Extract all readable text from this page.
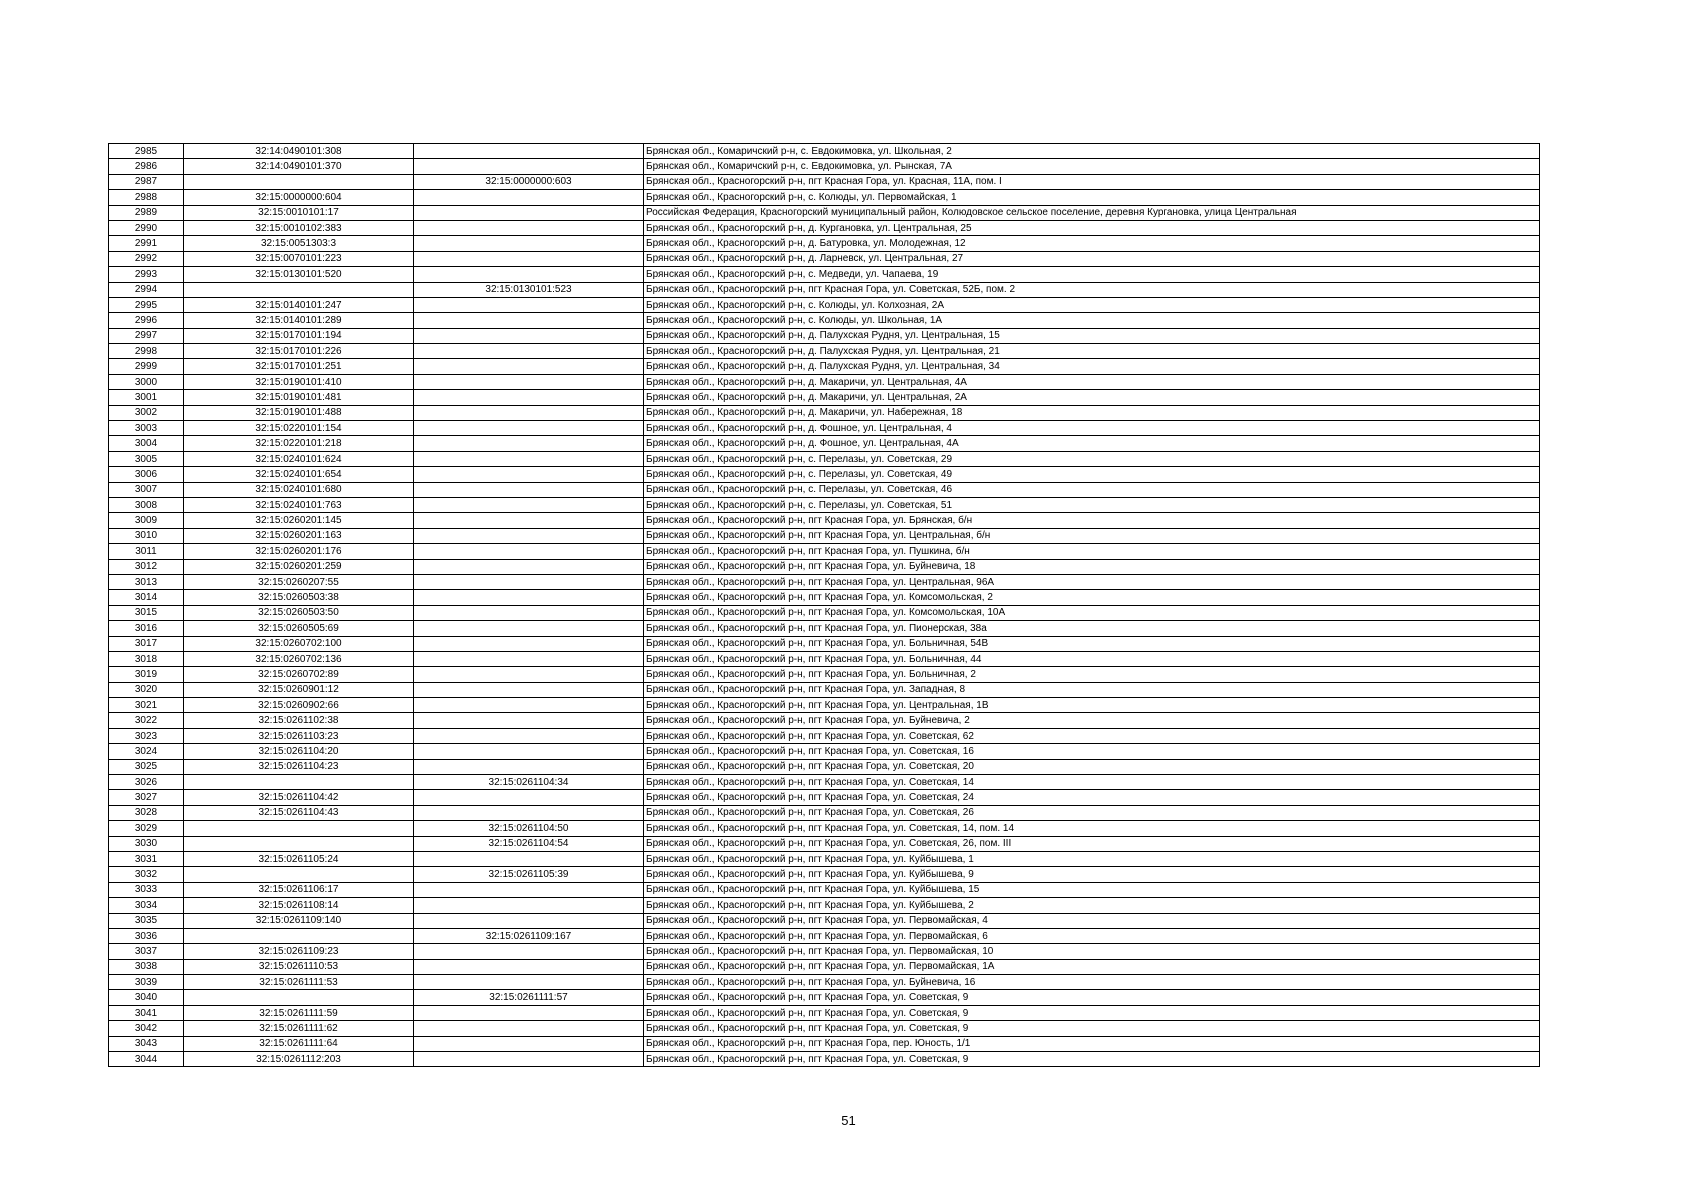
2985	32:14:0490101:308		Брянская обл., Комаричский р-н, с. Евдокимовка, ул. Школьная, 2
2986	32:14:0490101:370		Брянская обл., Комаричский р-н, с. Евдокимовка, ул. Рынская, 7А
2987		32:15:0000000:603	Брянская обл., Красногорский р-н, пгт Красная Гора, ул. Красная, 11А, пом. I
2988	32:15:0000000:604		Брянская обл., Красногорский р-н, с. Колюды, ул. Первомайская, 1
2989	32:15:0010101:17		Российская Федерация, Красногорский муниципальный район, Колюдовское сельское поселение, деревня Кургановка, улица Центральная
2990	32:15:0010102:383		Брянская обл., Красногорский р-н, д. Кургановка, ул. Центральная, 25
2991	32:15:0051303:3		Брянская обл., Красногорский р-н, д. Батуровка, ул. Молодежная, 12
2992	32:15:0070101:223		Брянская обл., Красногорский р-н, д. Ларневск, ул. Центральная, 27
2993	32:15:0130101:520		Брянская обл., Красногорский р-н, с. Медведи, ул. Чапаева, 19
2994		32:15:0130101:523	Брянская обл., Красногорский р-н, пгт Красная Гора, ул. Советская, 52Б, пом. 2
2995	32:15:0140101:247		Брянская обл., Красногорский р-н, с. Колюды, ул. Колхозная, 2А
2996	32:15:0140101:289		Брянская обл., Красногорский р-н, с. Колюды, ул. Школьная, 1А
2997	32:15:0170101:194		Брянская обл., Красногорский р-н, д. Палуxская Рудня, ул. Центральная, 15
2998	32:15:0170101:226		Брянская обл., Красногорский р-н, д. Палуxская Рудня, ул. Центральная, 21
2999	32:15:0170101:251		Брянская обл., Красногорский р-н, д. Палуxская Рудня, ул. Центральная, 34
3000	32:15:0190101:410		Брянская обл., Красногорский р-н, д. Макаричи, ул. Центральная, 4А
3001	32:15:0190101:481		Брянская обл., Красногорский р-н, д. Макаричи, ул. Центральная, 2А
3002	32:15:0190101:488		Брянская обл., Красногорский р-н, д. Макаричи, ул. Набережная, 18
3003	32:15:0220101:154		Брянская обл., Красногорский р-н, д. Фошное, ул. Центральная, 4
3004	32:15:0220101:218		Брянская обл., Красногорский р-н, д. Фошное, ул. Центральная, 4А
3005	32:15:0240101:624		Брянская обл., Красногорский р-н, с. Перелазы, ул. Советская, 29
3006	32:15:0240101:654		Брянская обл., Красногорский р-н, с. Перелазы, ул. Советская, 49
3007	32:15:0240101:680		Брянская обл., Красногорский р-н, с. Перелазы, ул. Советская, 46
3008	32:15:0240101:763		Брянская обл., Красногорский р-н, с. Перелазы, ул. Советская, 51
3009	32:15:0260201:145		Брянская обл., Красногорский р-н, пгт Красная Гора, ул. Брянская, б/н
3010	32:15:0260201:163		Брянская обл., Красногорский р-н, пгт Красная Гора, ул. Центральная, б/н
3011	32:15:0260201:176		Брянская обл., Красногорский р-н, пгт Красная Гора, ул. Пушкина, б/н
3012	32:15:0260201:259		Брянская обл., Красногорский р-н, пгт Красная Гора, ул. Буйневича, 18
3013	32:15:0260207:55		Брянская обл., Красногорский р-н, пгт Красная Гора, ул. Центральная, 96А
3014	32:15:0260503:38		Брянская обл., Красногорский р-н, пгт Красная Гора, ул. Комсомольская, 2
3015	32:15:0260503:50		Брянская обл., Красногорский р-н, пгт Красная Гора, ул. Комсомольская, 10А
3016	32:15:0260505:69		Брянская обл., Красногорский р-н, пгт Красная Гора, ул. Пионерская, 38а
3017	32:15:0260702:100		Брянская обл., Красногорский р-н, пгт Красная Гора, ул. Больничная, 54В
3018	32:15:0260702:136		Брянская обл., Красногорский р-н, пгт Красная Гора, ул. Больничная, 44
3019	32:15:0260702:89		Брянская обл., Красногорский р-н, пгт Красная Гора, ул. Больничная, 2
3020	32:15:0260901:12		Брянская обл., Красногорский р-н, пгт Красная Гора, ул. Западная, 8
3021	32:15:0260902:66		Брянская обл., Красногорский р-н, пгт Красная Гора, ул. Центральная, 1В
3022	32:15:0261102:38		Брянская обл., Красногорский р-н, пгт Красная Гора, ул. Буйневича, 2
3023	32:15:0261103:23		Брянская обл., Красногорский р-н, пгт Красная Гора, ул. Советская, 62
3024	32:15:0261104:20		Брянская обл., Красногорский р-н, пгт Красная Гора, ул. Советская, 16
3025	32:15:0261104:23		Брянская обл., Красногорский р-н, пгт Красная Гора, ул. Советская, 20
3026		32:15:0261104:34	Брянская обл., Красногорский р-н, пгт Красная Гора, ул. Советская, 14
3027	32:15:0261104:42		Брянская обл., Красногорский р-н, пгт Красная Гора, ул. Советская, 24
3028	32:15:0261104:43		Брянская обл., Красногорский р-н, пгт Красная Гора, ул. Советская, 26
3029		32:15:0261104:50	Брянская обл., Красногорский р-н, пгт Красная Гора, ул. Советская, 14, пом. 14
3030		32:15:0261104:54	Брянская обл., Красногорский р-н, пгт Красная Гора, ул. Советская, 26, пом. III
3031	32:15:0261105:24		Брянская обл., Красногорский р-н, пгт Красная Гора, ул. Куйбышева, 1
3032		32:15:0261105:39	Брянская обл., Красногорский р-н, пгт Красная Гора, ул. Куйбышева, 9
3033	32:15:0261106:17		Брянская обл., Красногорский р-н, пгт Красная Гора, ул. Куйбышева, 15
3034	32:15:0261108:14		Брянская обл., Красногорский р-н, пгт Красная Гора, ул. Куйбышева, 2
3035	32:15:0261109:140		Брянская обл., Красногорский р-н, пгт Красная Гора, ул. Первомайская, 4
3036		32:15:0261109:167	Брянская обл., Красногорский р-н, пгт Красная Гора, ул. Первомайская, 6
3037	32:15:0261109:23		Брянская обл., Красногорский р-н, пгт Красная Гора, ул. Первомайская, 10
3038	32:15:0261110:53		Брянская обл., Красногорский р-н, пгт Красная Гора, ул. Первомайская, 1А
3039	32:15:0261111:53		Брянская обл., Красногорский р-н, пгт Красная Гора, ул. Буйневича, 16
3040		32:15:0261111:57	Брянская обл., Красногорский р-н, пгт Красная Гора, ул. Советская, 9
3041	32:15:0261111:59		Брянская обл., Красногорский р-н, пгт Красная Гора, ул. Советская, 9
3042	32:15:0261111:62		Брянская обл., Красногорский р-н, пгт Красная Гора, ул. Советская, 9
3043	32:15:0261111:64		Брянская обл., Красногорский р-н, пгт Красная Гора, пер. Юность, 1/1
3044	32:15:0261112:203		Брянская обл., Красногорский р-н, пгт Красная Гора, ул. Советская, 9
51
